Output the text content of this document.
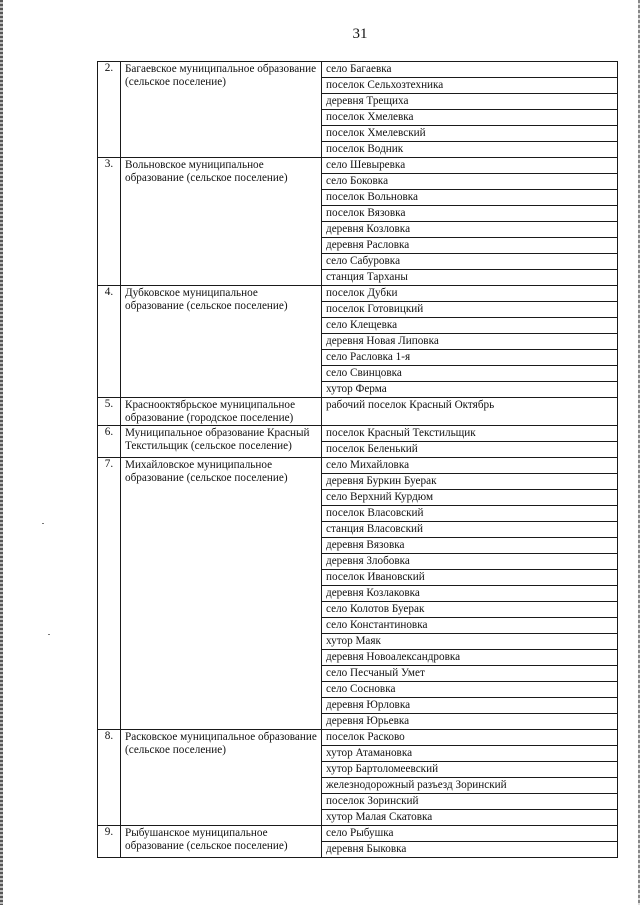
31
2.	Багаевское муниципальное образование (сельское поселение)	село Багаевка
		поселок Сельхозтехника
		деревня Трещиха
		поселок Хмелевка
		поселок Хмелевский
		поселок Водник
3.	Вольновское муниципальное образование (сельское поселение)	село Шевыревка
		село Боковка
		поселок Вольновка
		поселок Вязовка
		деревня Козловка
		деревня Расловка
		село Сабуровка
		станция Тарханы
4.	Дубковское муниципальное образование (сельское поселение)	поселок Дубки
		поселок Готовицкий
		село Клещевка
		деревня Новая Липовка
		село Расловка 1-я
		село Свинцовка
		хутор Ферма
5.	Краснооктябрьское муниципальное образование (городское поселение)	рабочий поселок Красный Октябрь
6.	Муниципальное образование Красный Текстильщик (сельское поселение)	поселок Красный Текстильщик
		поселок Беленький
7.	Михайловское муниципальное образование (сельское поселение)	село Михайловка
		деревня Буркин Буерак
		село Верхний Курдюм
		поселок Власовский
		станция Власовский
		деревня Вязовка
		деревня Злобовка
		поселок Ивановский
		деревня Козлаковка
		село Колотов Буерак
		село Константиновка
		хутор Маяк
		деревня Новоалександровка
		село Песчаный Умет
		село Сосновка
		деревня Юрловка
		деревня Юрьевка
8.	Расковское муниципальное образование (сельское поселение)	поселок Расково
		хутор Атамановка
		хутор Бартоломеевский
		железнодорожный разъезд Зоринский
		поселок Зоринский
		хутор Малая Скатовка
9.	Рыбушанское муниципальное образование (сельское поселение)	село Рыбушка
		деревня Быковка
